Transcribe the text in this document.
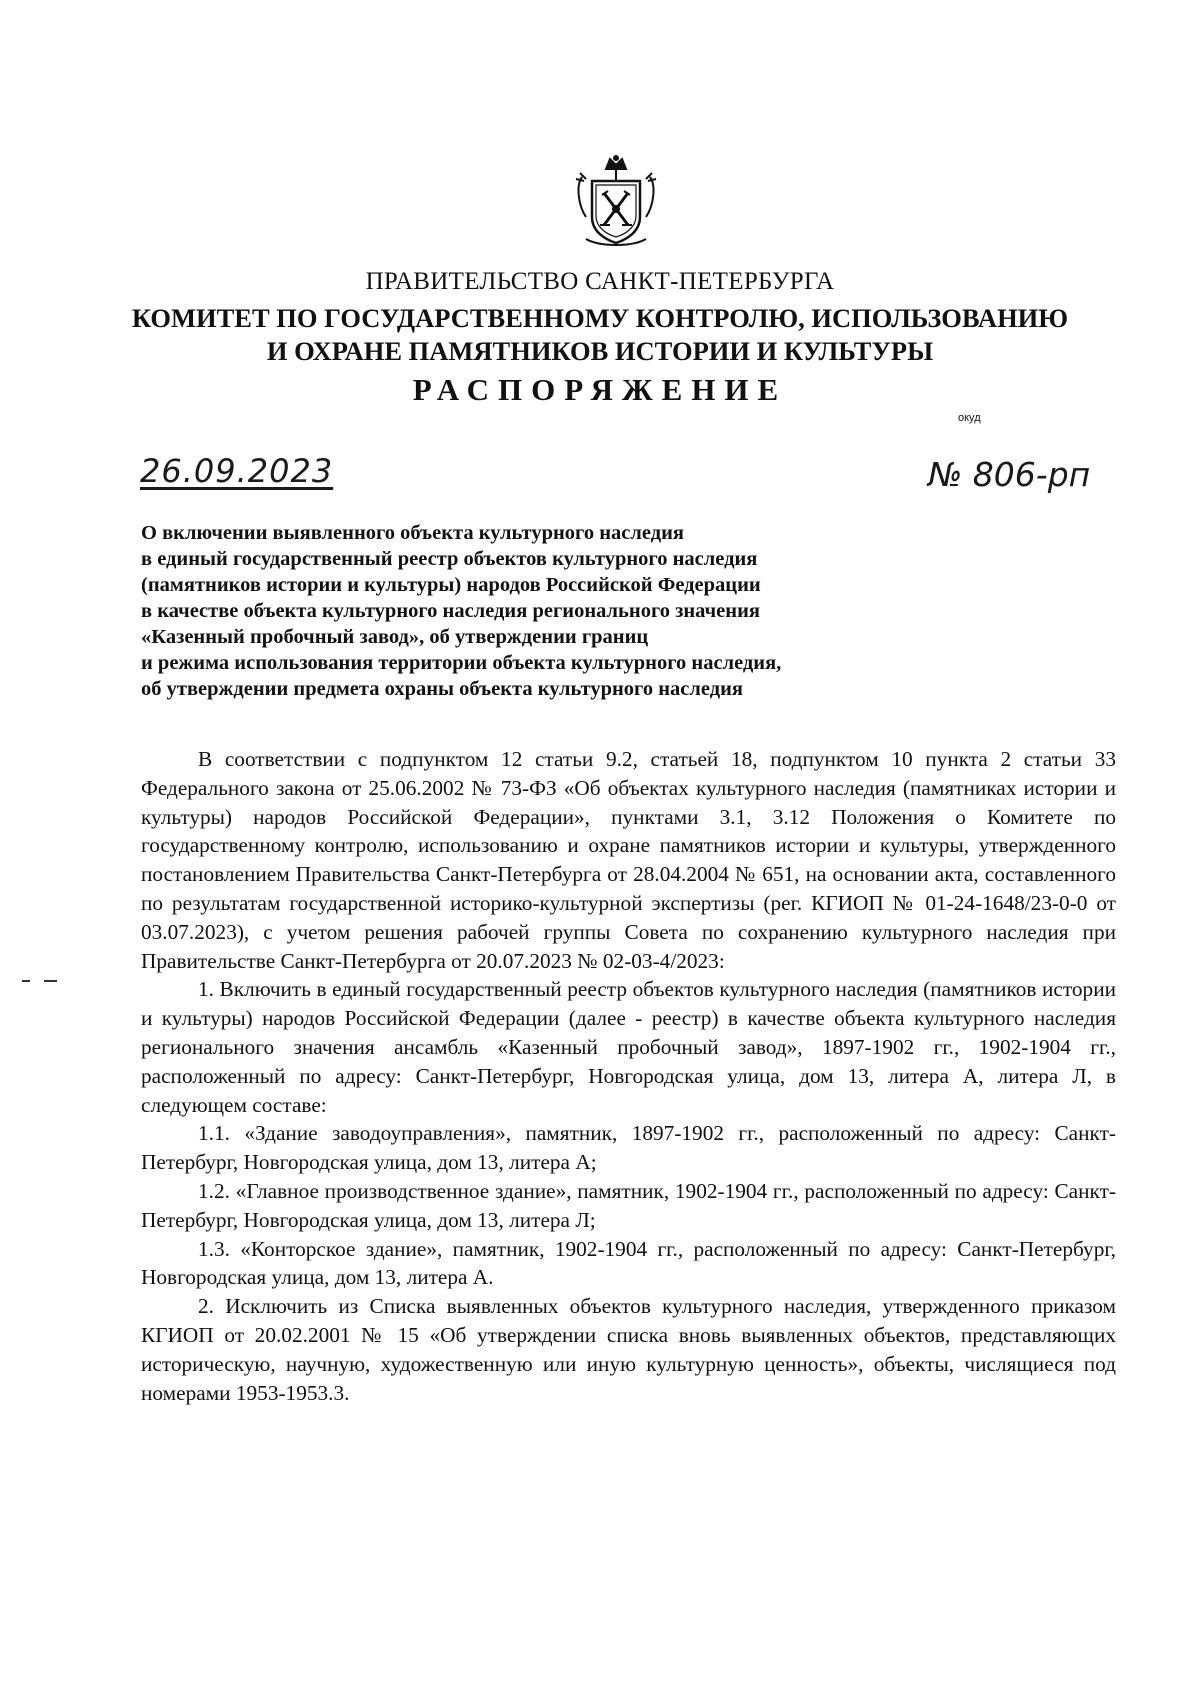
ПРАВИТЕЛЬСТВО САНКТ-ПЕТЕРБУРГА
КОМИТЕТ ПО ГОСУДАРСТВЕННОМУ КОНТРОЛЮ, ИСПОЛЬЗОВАНИЮ
И ОХРАНЕ ПАМЯТНИКОВ ИСТОРИИ И КУЛЬТУРЫ
РАСПОРЯЖЕНИЕ
окуд
26.09.2023	№ 806-рп
О включении выявленного объекта культурного наследия
в единый государственный реестр объектов культурного наследия
(памятников истории и культуры) народов Российской Федерации
в качестве объекта культурного наследия регионального значения
«Казенный пробочный завод», об утверждении границ
и режима использования территории объекта культурного наследия,
об утверждении предмета охраны объекта культурного наследия

В соответствии с подпунктом 12 статьи 9.2, статьей 18, подпунктом 10 пункта 2 статьи 33 Федерального закона от 25.06.2002 № 73-ФЗ «Об объектах культурного наследия (памятниках истории и культуры) народов Российской Федерации», пунктами 3.1, 3.12 Положения о Комитете по государственному контролю, использованию и охране памятников истории и культуры, утвержденного постановлением Правительства Санкт-Петербурга от 28.04.2004 № 651, на основании акта, составленного по результатам государственной историко-культурной экспертизы (рег. КГИОП № 01-24-1648/23-0-0 от 03.07.2023), с учетом решения рабочей группы Совета по сохранению культурного наследия при Правительстве Санкт-Петербурга от 20.07.2023 № 02-03-4/2023:

1. Включить в единый государственный реестр объектов культурного наследия (памятников истории и культуры) народов Российской Федерации (далее - реестр) в качестве объекта культурного наследия регионального значения ансамбль «Казенный пробочный завод», 1897-1902 гг., 1902-1904 гг., расположенный по адресу: Санкт-Петербург, Новгородская улица, дом 13, литера А, литера Л, в следующем составе:

1.1. «Здание заводоуправления», памятник, 1897-1902 гг., расположенный по адресу: Санкт-Петербург, Новгородская улица, дом 13, литера А;

1.2. «Главное производственное здание», памятник, 1902-1904 гг., расположенный по адресу: Санкт-Петербург, Новгородская улица, дом 13, литера Л;

1.3. «Конторское здание», памятник, 1902-1904 гг., расположенный по адресу: Санкт-Петербург, Новгородская улица, дом 13, литера А.

2. Исключить из Списка выявленных объектов культурного наследия, утвержденного приказом КГИОП от 20.02.2001 № 15 «Об утверждении списка вновь выявленных объектов, представляющих историческую, научную, художественную или иную культурную ценность», объекты, числящиеся под номерами 1953-1953.3.
